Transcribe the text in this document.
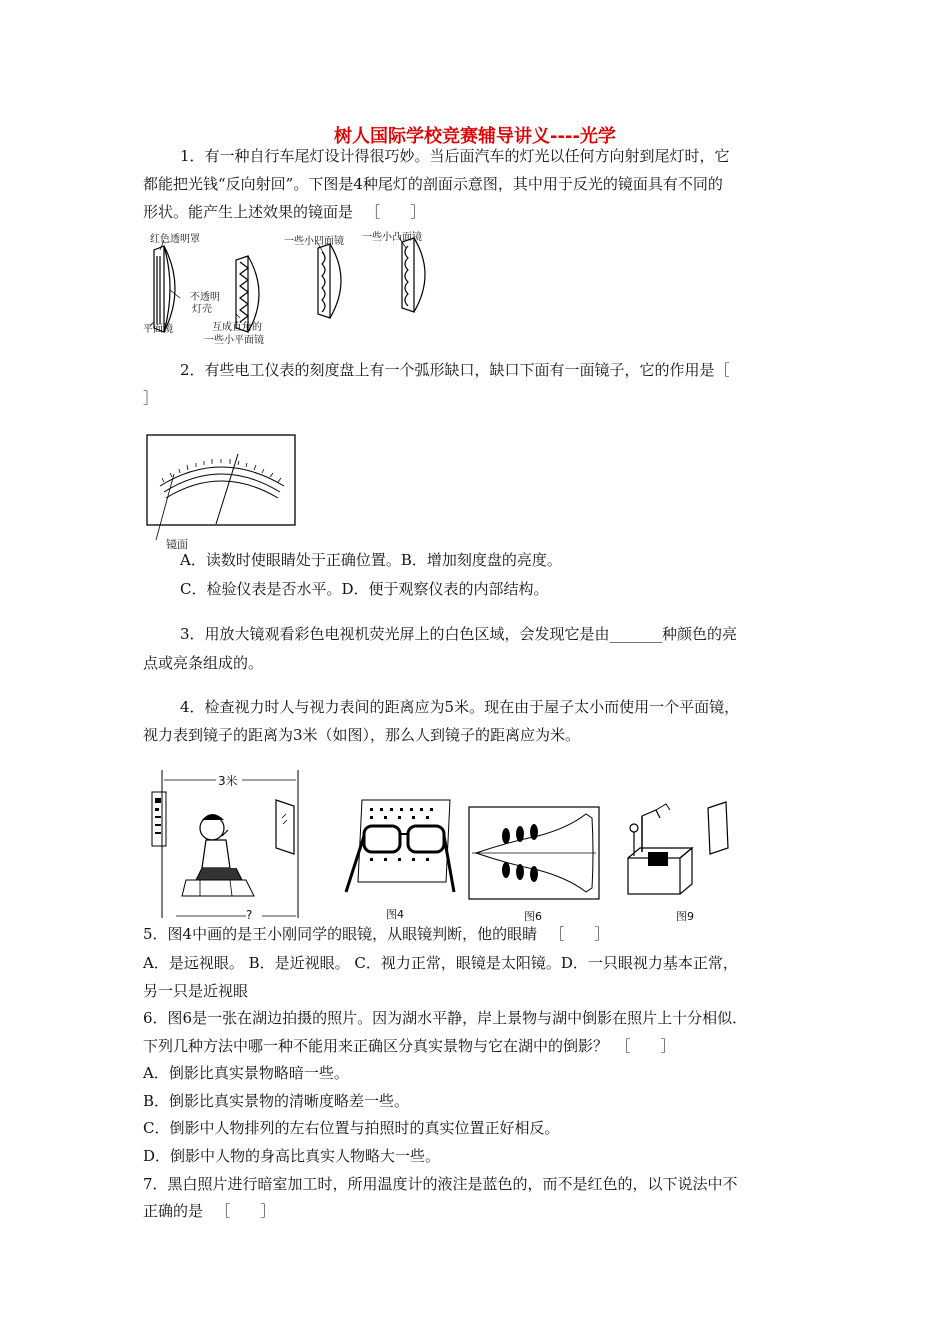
树人国际学校竞赛辅导讲义----光学
1．有一种自行车尾灯设计得很巧妙。当后面汽车的灯光以任何方向射到尾灯时，它
都能把光钱“反向射回”。下图是4种尾灯的剖面示意图，其中用于反光的镜面具有不同的
形状。能产生上述效果的镜面是 　［　　］
红色透明罩
不透明
灯壳
平面镜	互成直角的
一些小平面镜
一些小凹面镜 一些小凸面镜
2．有些电工仪表的刻度盘上有一个弧形缺口，缺口下面有一面镜子，它的作用是［
］
镜面
A．读数时使眼睛处于正确位置。B．增加刻度盘的亮度。
C．检验仪表是否水平。D．便于观察仪表的内部结构。
3．用放大镜观看彩色电视机荧光屏上的白色区域，会发现它是由_______种颜色的亮
点或亮条组成的。
4．检查视力时人与视力表间的距离应为5米。现在由于屋子太小而使用一个平面镜，
视力表到镜子的距离为3米（如图），那么人到镜子的距离应为米。
3米
?	图4	图6	图9
5．图4中画的是王小刚同学的眼镜，从眼镜判断，他的眼睛 　［　　］
A．是远视眼。 B．是近视眼。 C．视力正常，眼镜是太阳镜。D．一只眼视力基本正常，
另一只是近视眼
6．图6是一张在湖边拍摄的照片。因为湖水平静，岸上景物与湖中倒影在照片上十分相似．
下列几种方法中哪一种不能用来正确区分真实景物与它在湖中的倒影？　［　　］
A．倒影比真实景物略暗一些。
B．倒影比真实景物的清晰度略差一些。
C．倒影中人物排列的左右位置与拍照时的真实位置正好相反。
D．倒影中人物的身高比真实人物略大一些。
7．黑白照片进行暗室加工时，所用温度计的液注是蓝色的，而不是红色的，以下说法中不
正确的是 　［　　］
